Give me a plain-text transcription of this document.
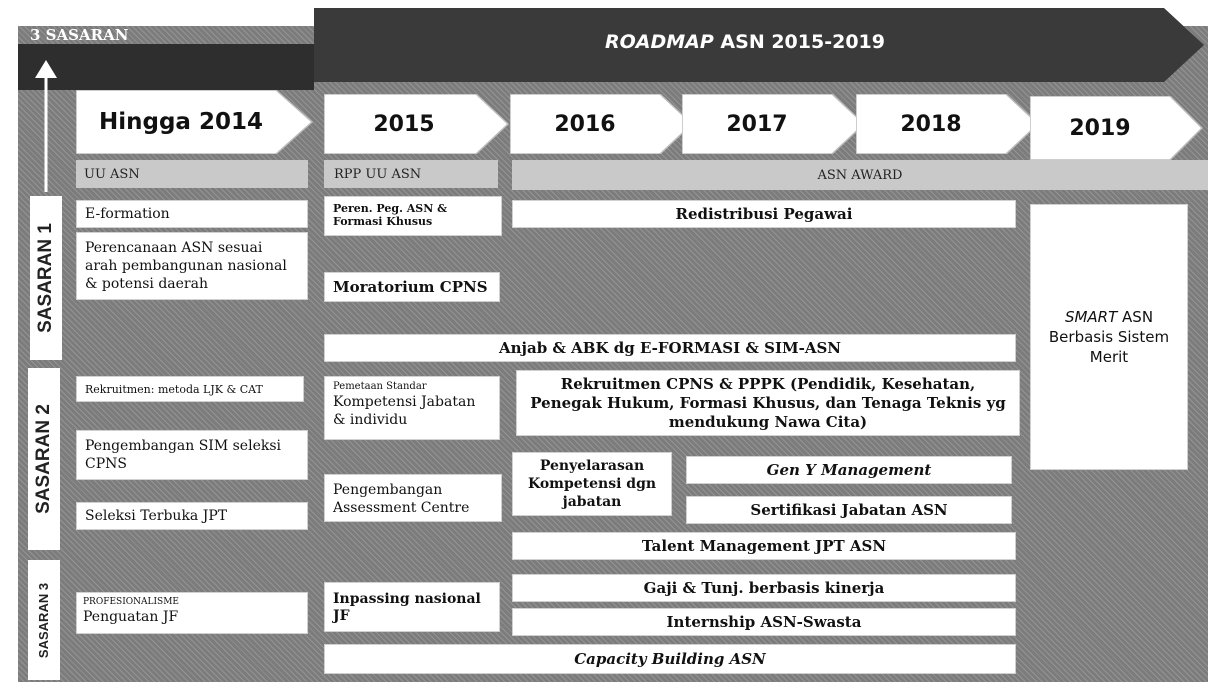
3 SASARAN	ROADMAP ASN 2015-2019
Hingga 2014	2015	2016	2017	2018	2019
UU ASN	RPP UU ASN	ASN AWARD
SASARAN 1
SASARAN 2
SASARAN 3
E-formation
Perencanaan ASN sesuai arah pembangunan nasional & potensi daerah
Rekruitmen: metoda LJK & CAT
Pengembangan SIM seleksi CPNS
Seleksi Terbuka JPT
PROFESIONALISME
Penguatan JF
Peren. Peg. ASN & Formasi Khusus
Moratorium CPNS
Pemetaan Standar
Kompetensi Jabatan & individu
Pengembangan Assessment Centre
Inpassing nasional JF
Redistribusi Pegawai
Anjab & ABK dg E-FORMASI & SIM-ASN
Rekruitmen CPNS & PPPK (Pendidik, Kesehatan, Penegak Hukum, Formasi Khusus, dan Tenaga Teknis yg mendukung Nawa Cita)
Penyelarasan Kompetensi dgn jabatan
Gen Y Management
Sertifikasi Jabatan ASN
Talent Management JPT ASN
Gaji & Tunj. berbasis kinerja
Internship ASN-Swasta
Capacity Building ASN
SMART ASN
Berbasis Sistem
Merit
